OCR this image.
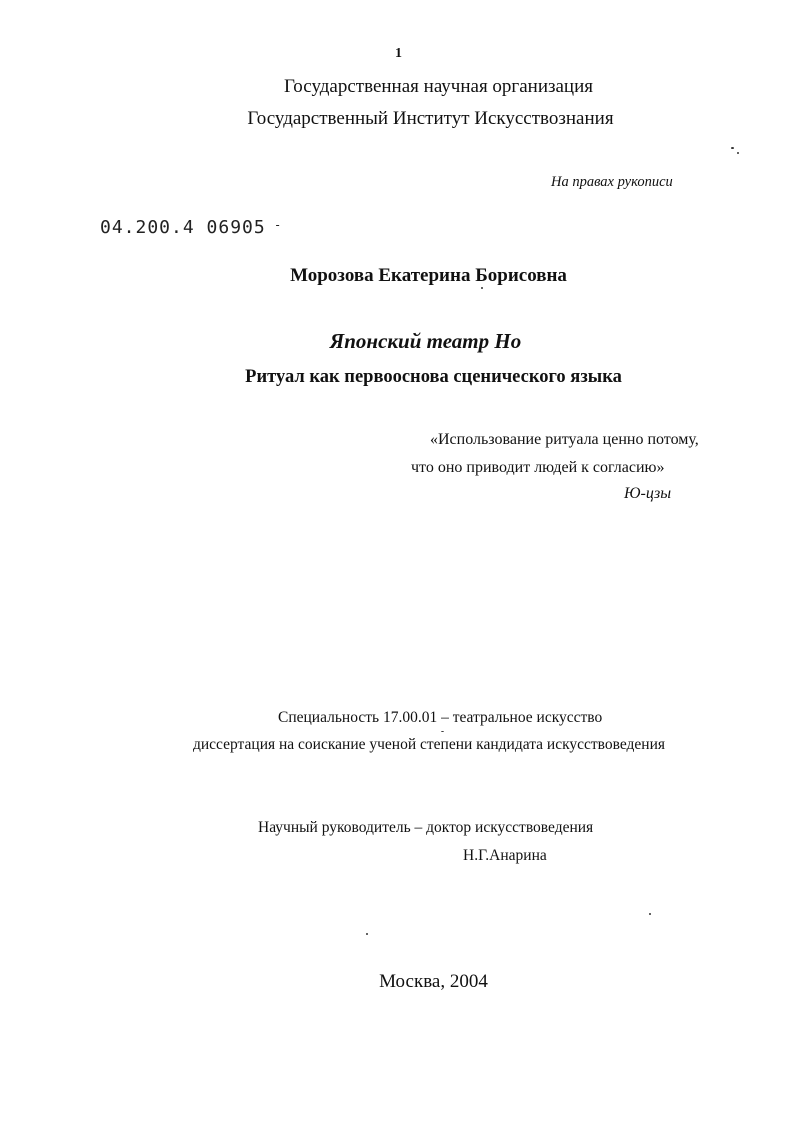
1
Государственная научная организация
Государственный Институт Искусствознания
На правах рукописи
04.200.4 06905 -
Морозова Екатерина Борисовна
Японский театр Но
Ритуал как первооснова сценического языка
«Использование ритуала ценно потому,
что оно приводит людей к согласию»
Ю-цзы
Специальность 17.00.01 – театральное искусство
диссертация на соискание ученой степени кандидата искусствоведения
Научный руководитель – доктор искусствоведения
Н.Г.Анарина
Москва, 2004
